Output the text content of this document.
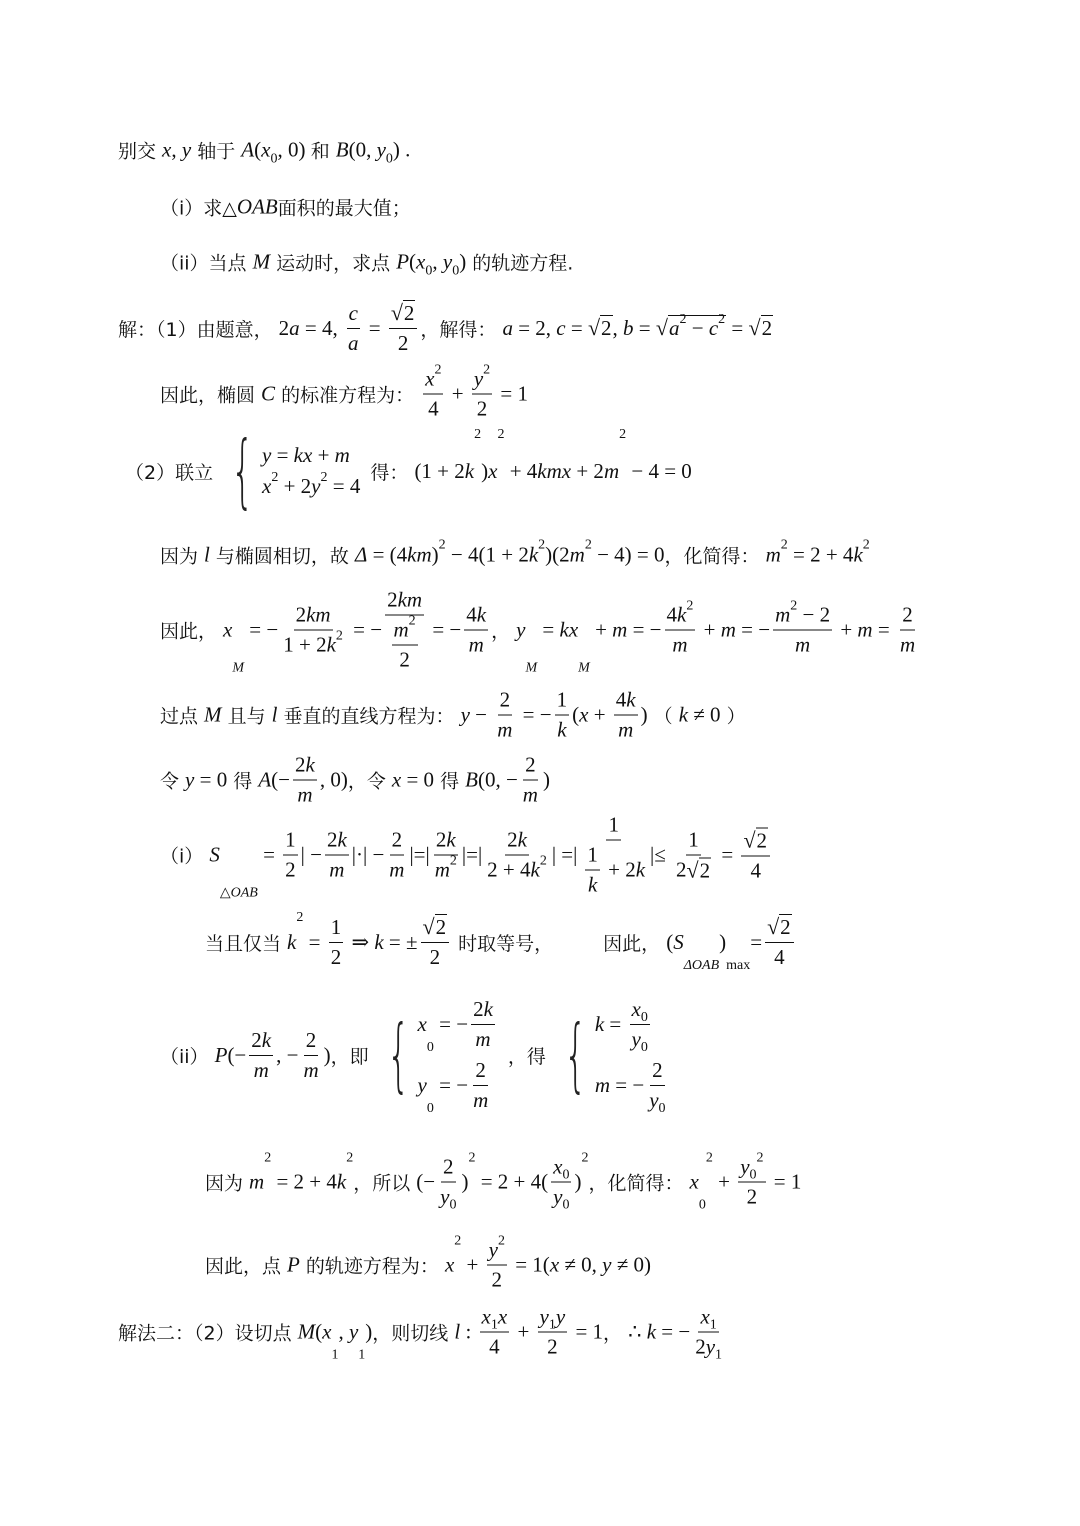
别交 x , y 轴于 A ( x 0 , 0) 和 B (0, y 0 ) .
（i）求△ OAB 面积的最大值；
（ii）当点 M 运动时，求点 P ( x 0 , y 0 ) 的轨迹方程.
解：（1）由题意， 2 a = 4, $\frac{c}{a} = \frac{√ 2}{2}$ ，解得： a = 2, c = √ 2 , b = √ a 2 − c 2 = √ 2
因此，椭圆 C 的标准方程为： $\frac{x 2}{4} + \frac{y 2}{2} = 1$
（2）联立 { y = kx + m
x 2 + 2 y 2 = 4
得： (1 + 2 k
2
) x
2
+ 4 kmx + 2 m
2
− 4 = 0
因为 l 与椭圆相切，故 Δ = (4 km ) 2 − 4(1 + 2 k 2 )(2 m 2 − 4) = 0 ，化简得： m 2 = 2 + 4 k 2
因此， x
M
= − $\frac{2 km}{1 + 2 k 2}$ = − $\frac{2 km}{\frac{m 2}{2}}$ = − $\frac{4 k}{m}$ ， y
M
= kx
M
+ m = − $\frac{4 k 2}{m} + m$ = − $\frac{m 2 - 2}{m} + m = \frac{2}{m}$
过点 M 且与 l 垂直的直线方程为： $y - \frac{2}{m}$ = − $\frac{1}{k}$ ( $x + \frac{4 k}{m}$ ) （ k ≠ 0 ）
令 y = 0 得 A (− $\frac{2 k}{m}$ , 0) ，令 x = 0 得 B (0, − $\frac{2}{m}$ )
（i） S
△OAB
= $\frac{1}{2}$ | − $\frac{2 k}{m}$ |·| − $\frac{2}{m}$ |=| $\frac{2 k}{m 2}$ |=| $\frac{2 k}{2 + 4 k 2}$ | =| $\frac{1}{\frac{1}{k} + 2 k}$ |≤ $\frac{1}{2 √ 2} = \frac{√ 2}{4}$
当且仅当 k
2
= $\frac{1}{2}$ ⇒ k = ± $\frac{√ 2}{2}$ 时取等号，	因此， ( S
ΔOAB
)
max
= $\frac{√ 2}{4}$
（ii） P (− $\frac{2 k}{m}$ , − $\frac{2}{m}$ ) ，即 { x
0
= − $\frac{2 k}{m}$
y
0
= − $\frac{2}{m}$
，得 { $k = \frac{x 0}{y 0}$
m = − $\frac{2}{y 0}$
因为 m
2
= 2 + 4 k
2
，所以 (− $\frac{2}{y 0}$ )
2
= $2 + 4( \frac{x 0}{y 0}$ )
2
，化简得： x
0
2
+ y 0
2
2 = 1
因此，点 P 的轨迹方程为： x
2
+ $\frac{y 2}{2} = 1$( x ≠ 0, y ≠ 0)
解法二：（2）设切点 M ( x
1
, y
1
) ，则切线 l : $\frac{x 1 x}{4} + \frac{y 1 y}{2} = 1$ ， ∴ k = − $\frac{x 1}{2 y 1}$
